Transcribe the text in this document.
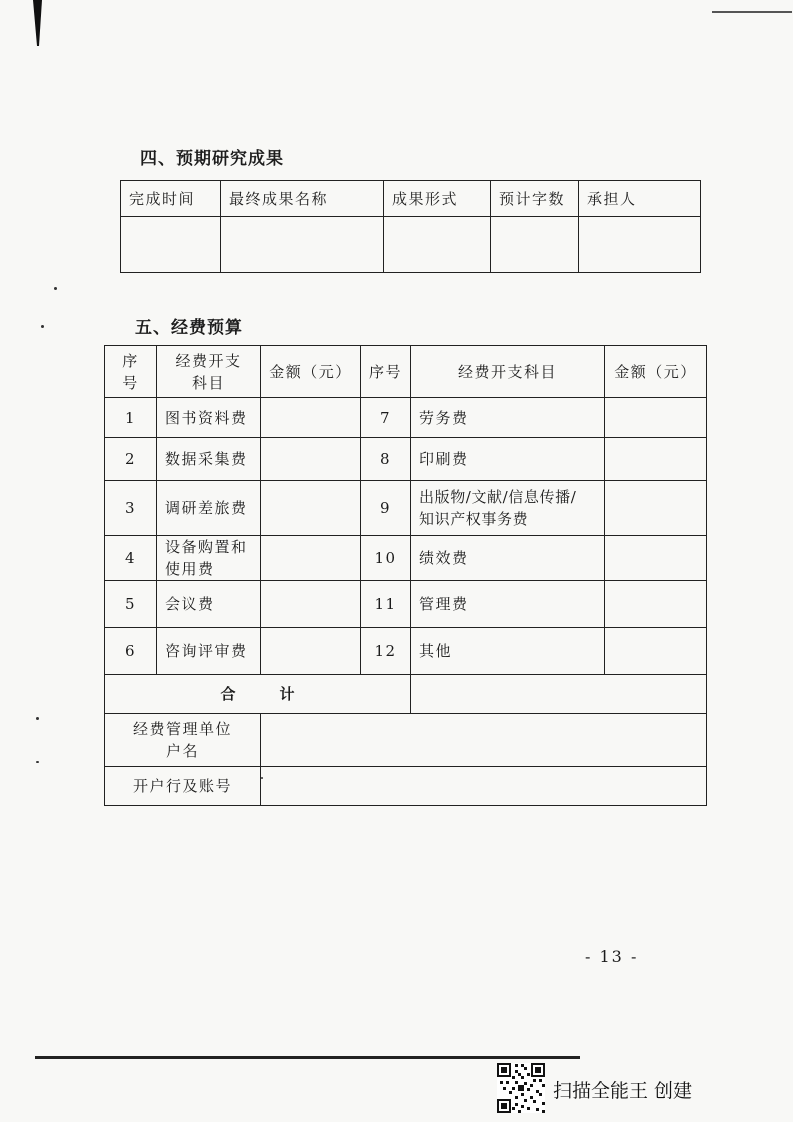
四、预期研究成果
完成时间	最终成果名称	成果形式	预计字数	承担人

五、经费预算
序号	经费开支科目	金额（元）	序号	经费开支科目	金额（元）
1	图书资料费		7	劳务费	
2	数据采集费		8	印刷费	
3	调研差旅费		9	出版物/文献/信息传播/
知识产权事务费	
4	设备购置和使用费		10	绩效费	
5	会议费		11	管理费	
6	咨询评审费		12	其他	
合计					
经费管理单位户名					
开户行及账号					
- 13 -
扫描全能王 创建
